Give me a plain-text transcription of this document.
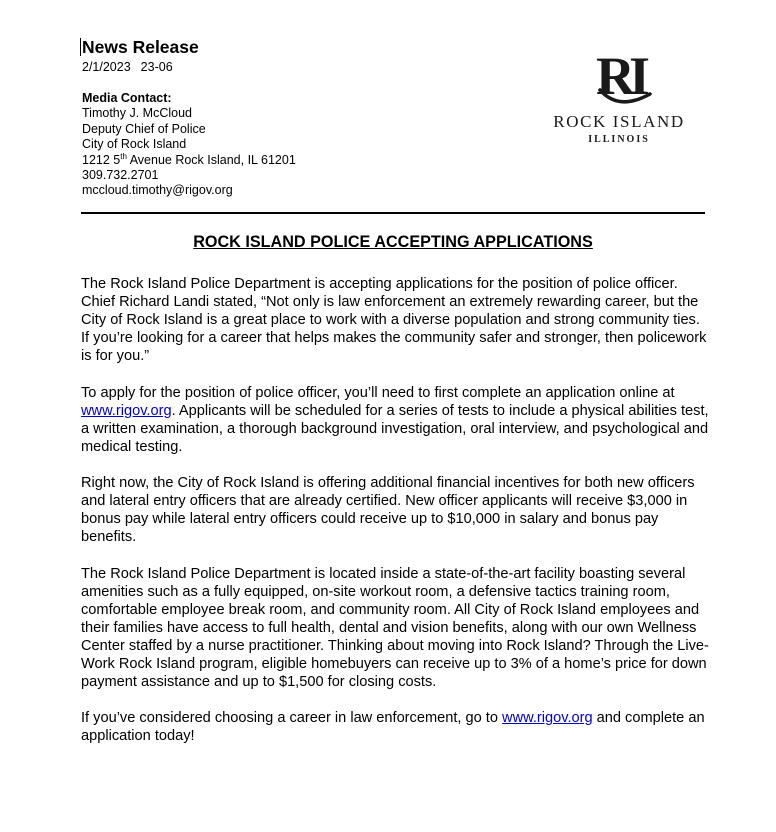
News Release
2/1/2023 23-06
Media Contact:
Timothy J. McCloud
Deputy Chief of Police
City of Rock Island
1212 5th Avenue Rock Island, IL 61201
309.732.2701
mccloud.timothy@rigov.org
RI
ROCK ISLAND
ILLINOIS
ROCK ISLAND POLICE ACCEPTING APPLICATIONS

The Rock Island Police Department is accepting applications for the position of police officer. Chief Richard Landi stated, “Not only is law enforcement an extremely rewarding career, but the City of Rock Island is a great place to work with a diverse population and strong community ties. If you’re looking for a career that helps makes the community safer and stronger, then policework is for you.”

To apply for the position of police officer, you’ll need to first complete an application online at www.rigov.org. Applicants will be scheduled for a series of tests to include a physical abilities test, a written examination, a thorough background investigation, oral interview, and psychological and medical testing.

Right now, the City of Rock Island is offering additional financial incentives for both new officers and lateral entry officers that are already certified. New officer applicants will receive $3,000 in bonus pay while lateral entry officers could receive up to $10,000 in salary and bonus pay benefits.

The Rock Island Police Department is located inside a state-of-the-art facility boasting several amenities such as a fully equipped, on-site workout room, a defensive tactics training room, comfortable employee break room, and community room. All City of Rock Island employees and their families have access to full health, dental and vision benefits, along with our own Wellness Center staffed by a nurse practitioner. Thinking about moving into Rock Island? Through the Live-Work Rock Island program, eligible homebuyers can receive up to 3% of a home’s price for down payment assistance and up to $1,500 for closing costs.

If you’ve considered choosing a career in law enforcement, go to www.rigov.org and complete an application today!
